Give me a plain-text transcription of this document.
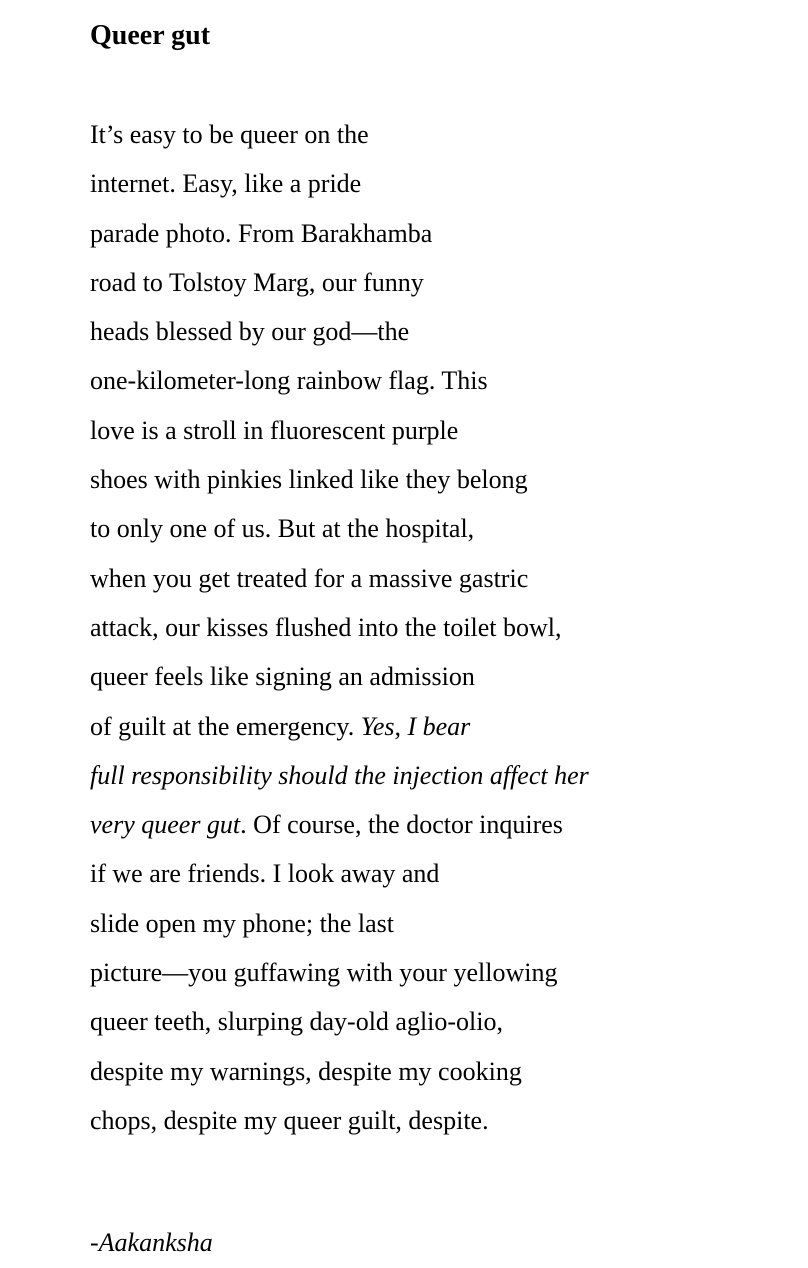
Queer gut
It’s easy to be queer on the
internet. Easy, like a pride
parade photo. From Barakhamba
road to Tolstoy Marg, our funny
heads blessed by our god—the
one-kilometer-long rainbow flag. This
love is a stroll in fluorescent purple
shoes with pinkies linked like they belong
to only one of us. But at the hospital,
when you get treated for a massive gastric
attack, our kisses flushed into the toilet bowl,
queer feels like signing an admission
of guilt at the emergency. Yes, I bear
full responsibility should the injection affect her
very queer gut. Of course, the doctor inquires
if we are friends. I look away and
slide open my phone; the last
picture—you guffawing with your yellowing
queer teeth, slurping day-old aglio-olio,
despite my warnings, despite my cooking
chops, despite my queer guilt, despite.
-Aakanksha
